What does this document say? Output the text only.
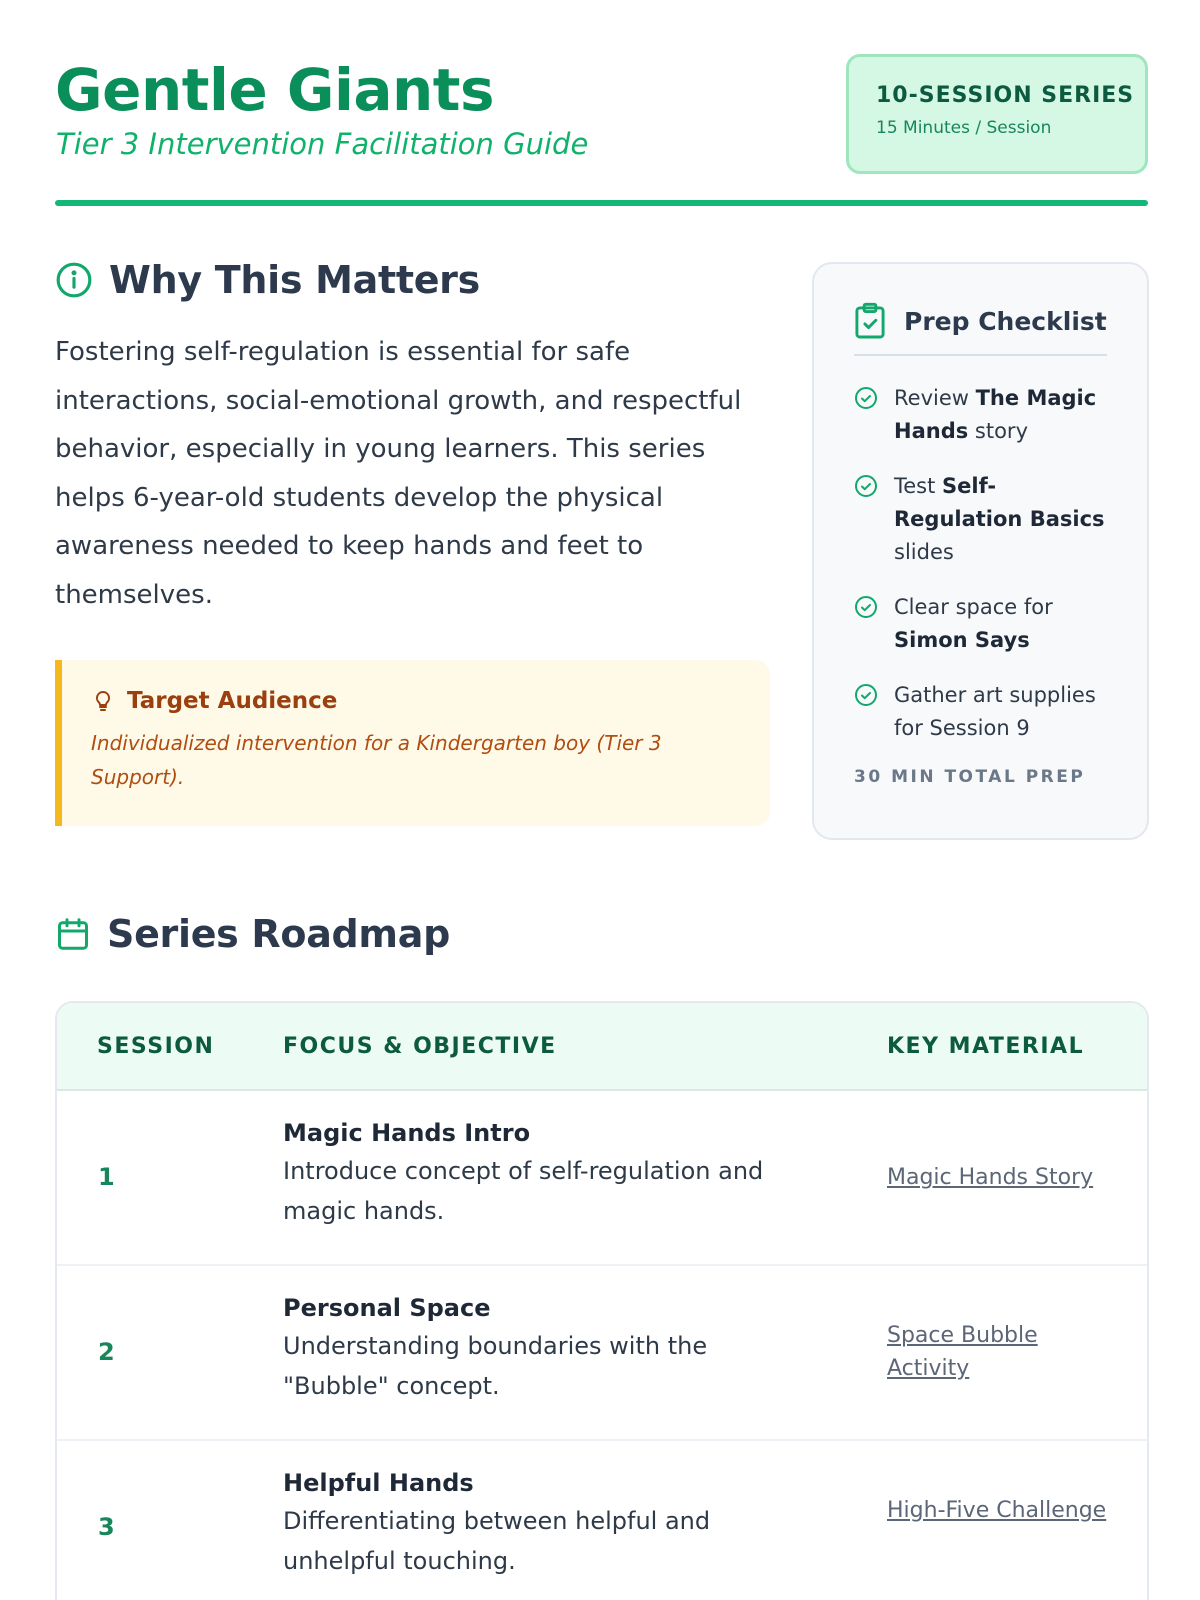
Gentle Giants
Tier 3 Intervention Facilitation Guide
10-SESSION SERIES
15 Minutes / Session
Why This Matters

Fostering self-regulation is essential for safe interactions, social-emotional growth, and respectful behavior, especially in young learners. This series helps 6-year-old students develop the physical awareness needed to keep hands and feet to themselves.

Target Audience
Individualized intervention for a Kindergarten boy (Tier 3 Support).
Prep Checklist
Review The Magic Hands story
Test Self-Regulation Basics slides
Clear space for Simon Says
Gather art supplies for Session 9
30 MIN TOTAL PREP
Series Roadmap
SESSION	FOCUS & OBJECTIVE	KEY MATERIAL
1
Magic Hands Intro
Introduce concept of self-regulation and magic hands.
Magic Hands Story
2
Personal Space
Understanding boundaries with the "Bubble" concept.
Space Bubble Activity
3
Helpful Hands
Differentiating between helpful and unhelpful touching.
High-Five Challenge
